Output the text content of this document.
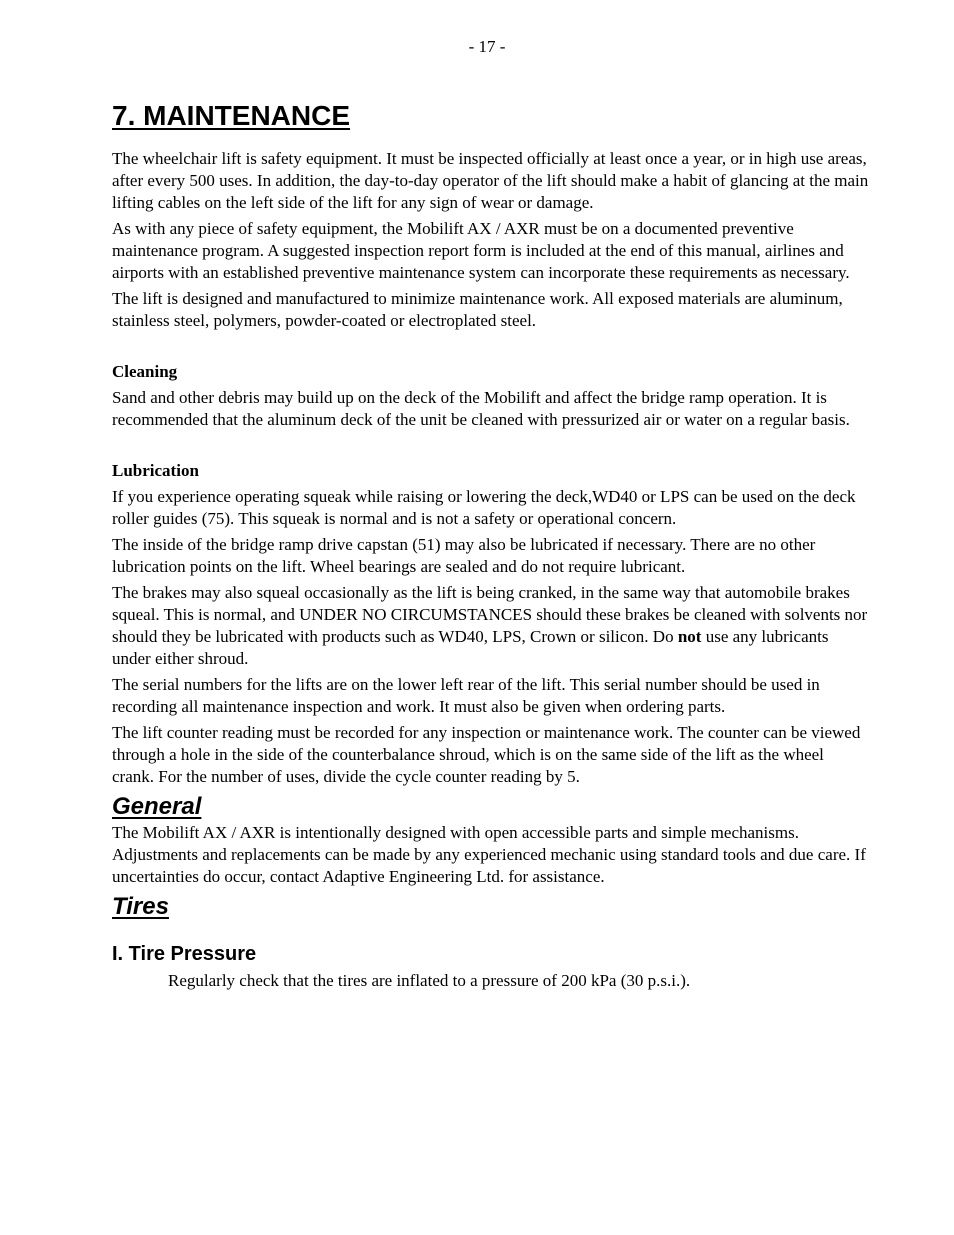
- 17 -
7. MAINTENANCE

The wheelchair lift is safety equipment. It must be inspected officially at least once a year, or in high use areas, after every 500 uses. In addition, the day-to-day operator of the lift should make a habit of glancing at the main lifting cables on the left side of the lift for any sign of wear or damage.

As with any piece of safety equipment, the Mobilift AX / AXR must be on a documented preventive maintenance program. A suggested inspection report form is included at the end of this manual, airlines and airports with an established preventive maintenance system can incorporate these requirements as necessary.

The lift is designed and manufactured to minimize maintenance work. All exposed materials are aluminum, stainless steel, polymers, powder-coated or electroplated steel.

Cleaning

Sand and other debris may build up on the deck of the Mobilift and affect the bridge ramp operation. It is recommended that the aluminum deck of the unit be cleaned with pressurized air or water on a regular basis.

Lubrication

If you experience operating squeak while raising or lowering the deck,WD40 or LPS can be used on the deck roller guides (75). This squeak is normal and is not a safety or operational concern.

The inside of the bridge ramp drive capstan (51) may also be lubricated if necessary. There are no other lubrication points on the lift. Wheel bearings are sealed and do not require lubricant.

The brakes may also squeal occasionally as the lift is being cranked, in the same way that automobile brakes squeal. This is normal, and UNDER NO CIRCUMSTANCES should these brakes be cleaned with solvents nor should they be lubricated with products such as WD40, LPS, Crown or silicon. Do not use any lubricants under either shroud.

The serial numbers for the lifts are on the lower left rear of the lift. This serial number should be used in recording all maintenance inspection and work. It must also be given when ordering parts.

The lift counter reading must be recorded for any inspection or maintenance work. The counter can be viewed through a hole in the side of the counterbalance shroud, which is on the same side of the lift as the wheel crank. For the number of uses, divide the cycle counter reading by 5.

General

The Mobilift AX / AXR is intentionally designed with open accessible parts and simple mechanisms. Adjustments and replacements can be made by any experienced mechanic using standard tools and due care. If uncertainties do occur, contact Adaptive Engineering Ltd. for assistance.

Tires
I. Tire Pressure

Regularly check that the tires are inflated to a pressure of 200 kPa (30 p.s.i.).
